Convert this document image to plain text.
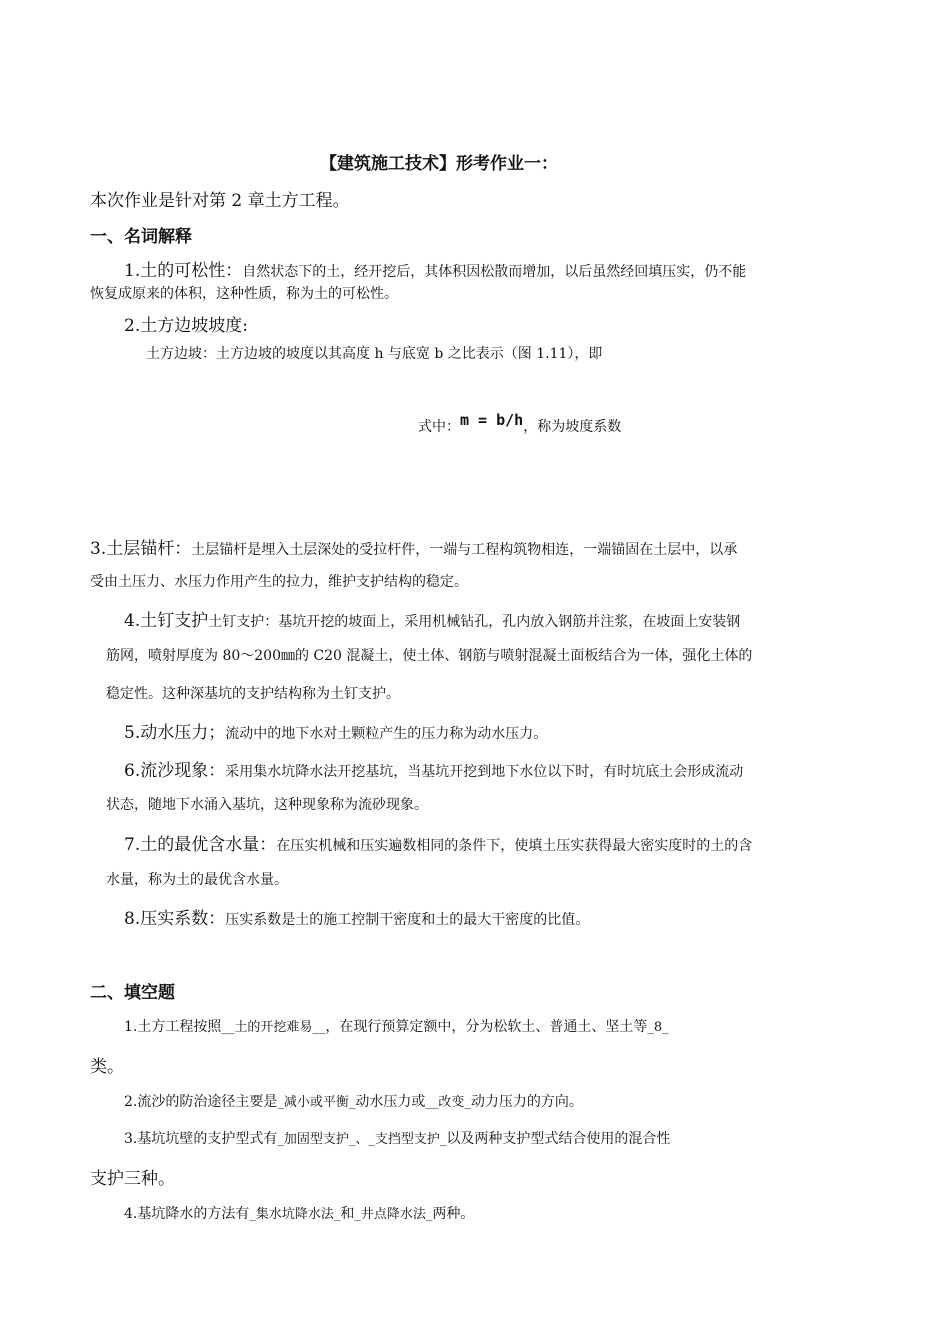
【建筑施工技术】形考作业一：
本次作业是针对第 2 章土方工程。
一、名词解释
1.土的可松性：自然状态下的土，经开挖后，其体积因松散而增加，以后虽然经回填压实，仍不能
恢复成原来的体积，这种性质，称为土的可松性。
2.土方边坡坡度:
土方边坡：土方边坡的坡度以其高度 h 与底宽 b 之比表示（图 1.11），即
式中：m = b/h，称为坡度系数
3.土层锚杆：土层锚杆是埋入土层深处的受拉杆件，一端与工程构筑物相连，一端锚固在土层中，以承
受由土压力、水压力作用产生的拉力，维护支护结构的稳定。
4.土钉支护土钉支护：基坑开挖的坡面上，采用机械钻孔，孔内放入钢筋并注浆，在坡面上安装钢
筋网，喷射厚度为 80～200㎜的 C20 混凝土，使土体、钢筋与喷射混凝土面板结合为一体，强化土体的
稳定性。这种深基坑的支护结构称为土钉支护。
5.动水压力；流动中的地下水对土颗粒产生的压力称为动水压力。
6.流沙现象：采用集水坑降水法开挖基坑，当基坑开挖到地下水位以下时，有时坑底土会形成流动
状态，随地下水涌入基坑，这种现象称为流砂现象。
7.土的最优含水量：在压实机械和压实遍数相同的条件下，使填土压实获得最大密实度时的土的含
水量，称为土的最优含水量。
8.压实系数：压实系数是土的施工控制干密度和土的最大干密度的比值。
二、填空题
1.土方工程按照__土的开挖难易__，在现行预算定额中，分为松软土、普通土、坚土等_8_
类。
2.流沙的防治途径主要是_减小或平衡_动水压力或__改变_动力压力的方向。
3.基坑坑壁的支护型式有_加固型支护_、_支挡型支护_以及两种支护型式结合使用的混合性
支护三种。
4.基坑降水的方法有_集水坑降水法_和_井点降水法_两种。
